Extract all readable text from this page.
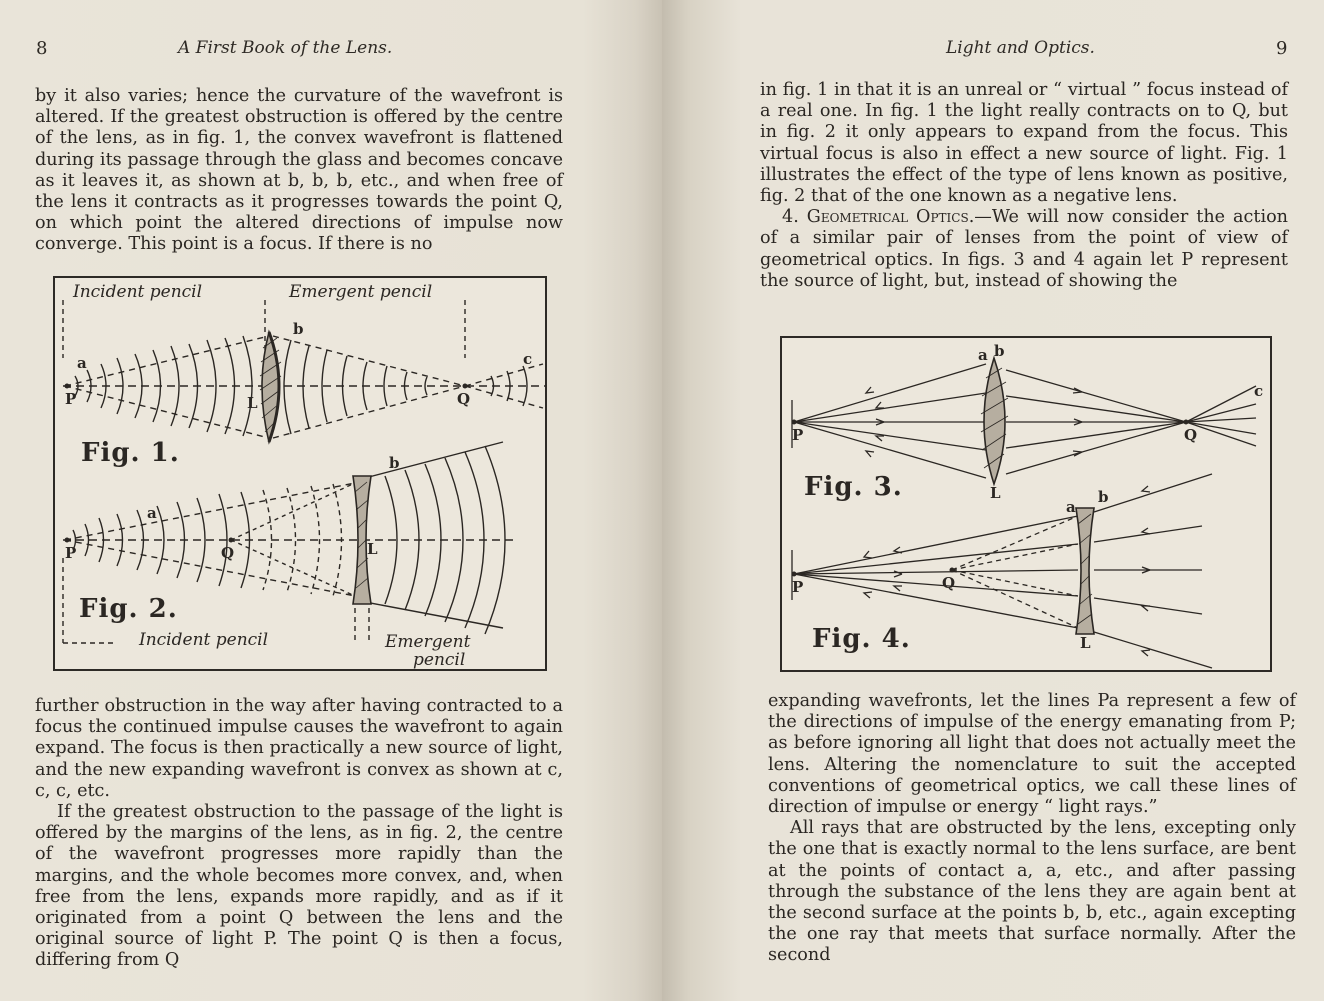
8	A First Book of the Lens.

by it also varies; hence the curvature of the wavefront is altered. If the greatest obstruction is offered by the centre of the lens, as in fig. 1, the convex wavefront is flattened during its passage through the glass and becomes concave as it leaves it, as shown at b, b, b, etc., and when free of the lens it contracts as it progresses towards the point Q, on which point the altered directions of impulse now converge. This point is a focus. If there is no

Incident pencil	Emergent pencil
Fig. 1.
Fig. 2.
Incident pencil	Emergent
pencil
P	L	Q
a
b
c
P	L
Q
a
b

further obstruction in the way after having contracted to a focus the continued impulse causes the wavefront to again expand. The focus is then practically a new source of light, and the new expanding wavefront is convex as shown at c, c, c, etc.

If the greatest obstruction to the passage of the light is offered by the margins of the lens, as in fig. 2, the centre of the wavefront progresses more rapidly than the margins, and the whole becomes more convex, and, when free from the lens, expands more rapidly, and as if it originated from a point Q between the lens and the original source of light P. The point Q is then a focus, differing from Q

Light and Optics.	9

in fig. 1 in that it is an unreal or “ virtual ” focus instead of a real one. In fig. 1 the light really contracts on to Q, but in fig. 2 it only appears to expand from the focus. This virtual focus is also in effect a new source of light. Fig. 1 illustrates the effect of the type of lens known as positive, fig. 2 that of the one known as a negative lens.

4. Geometrical Optics.—We will now consider the action of a similar pair of lenses from the point of view of geometrical optics. In figs. 3 and 4 again let P represent the source of light, but, instead of showing the

P
L
Q
a b
c
Fig. 3.
P
L
Q
a
b
Fig. 4.

expanding wavefronts, let the lines Pa represent a few of the directions of impulse of the energy emanating from P; as before ignoring all light that does not actually meet the lens. Altering the nomenclature to suit the accepted conventions of geometrical optics, we call these lines of direction of impulse or energy “ light rays.”

All rays that are obstructed by the lens, excepting only the one that is exactly normal to the lens surface, are bent at the points of contact a, a, etc., and after passing through the substance of the lens they are again bent at the second surface at the points b, b, etc., again excepting the one ray that meets that surface normally. After the second
